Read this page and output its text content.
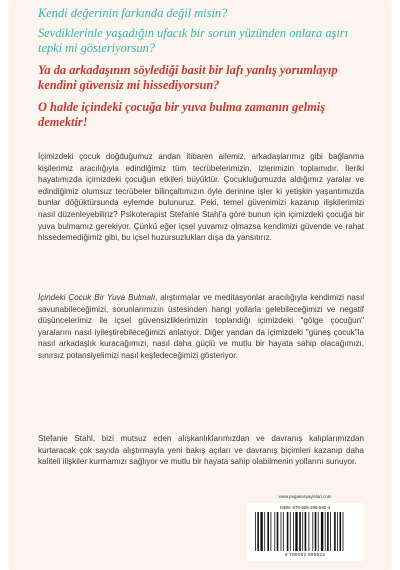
Kendi değerinin farkında değil misin?

Sevdiklerinle yaşadığın ufacık bir sorun yüzünden onlara aşırı tepki mi gösteriyorsun?

Ya da arkadaşının söylediği basit bir lafı yanlış yorumlayıp kendini güvensiz mi hissediyorsun?

O halde içindeki çocuğa bir yuva bulma zamanın gelmiş demektir!

İçimizdeki çocuk doğduğumuz andan itibaren ailemiz, arkadaşlarımız gibi bağlanma kişilerimiz aracılığıyla edindiğimiz tüm tecrübelerimizin, izlerimizin toplamıdır. İleriki hayatımızda içimizdeki çocuğun etkileri büyüktür. Çocukluğumuzda aldığımız yaralar ve edindiğimiz olumsuz tecrübeler bilinçaltımızın öyle derinine işler ki yetişkin yaşantımızda bunlar döğüktürsunda eylemde bulunuruz. Peki, temel güvenimizi kazanıp ilişkilerimizi nasıl düzenleyebiliriz? Psikoterapist Stefanie Stahl'a göre bunun için içimizdeki çocuğa bir yuva bulmamız gerekiyor. Çünkü eğer içsel yuvamız olmazsa kendimizi güvende ve rahat hissedemediğimiz gibi, bu içsel huzursuzlukları dışa da yansıtırız.

İçindeki Çocuk Bir Yuva Bulmalı, alıştırmalar ve meditasyonlar aracılığıyla kendimizi nasıl savunabileceğimizi, sorunlarımızın üstesinden hangi yollarla gelebileceğimizi ve negatif düşüncelerimiz ile içsel güvensizliklerimizin toplandığı içimizdeki "gölge çocuğun" yaralarını nasıl iyileştirebileceğimizi anlatıyor. Diğer yandan da içimizdeki "güneş çocuk"la nasıl arkadaşlık kuracağımızı, nasıl daha güçlü ve mutlu bir hayata sahip olacağımızı, sınırsız potansiyelimizi nasıl keşfedeceğimizi gösteriyor.

Stefanie Stahl, bizi mutsuz eden alışkanlıklarımızdan ve davranış kalıplarımızdan kurtaracak çok sayıda alıştırmayla yeni bakış açıları ve davranış biçimleri kazanıp daha kaliteli ilişkiler kurmamızı sağlıyor ve mutlu bir hayata sahip olabilmenin yollarını sunuyor.

www.pegasusyayinlari.com

ISBN: 978-605-299-592-4
9 786052 995924
